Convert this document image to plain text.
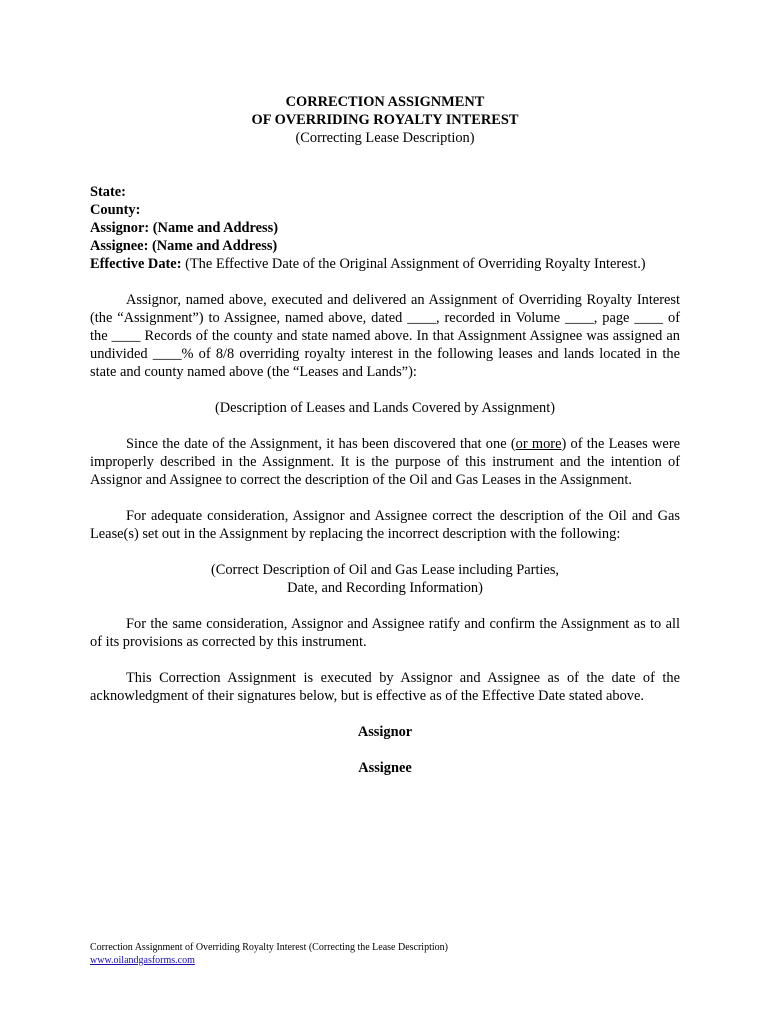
CORRECTION ASSIGNMENT
OF OVERRIDING ROYALTY INTEREST
(Correcting Lease Description)
State:
County:
Assignor: (Name and Address)
Assignee: (Name and Address)
Effective Date: (The Effective Date of the Original Assignment of Overriding Royalty Interest.)
Assignor, named above, executed and delivered an Assignment of Overriding Royalty Interest (the “Assignment”) to Assignee, named above, dated ____, recorded in Volume ____, page ____ of the ____ Records of the county and state named above. In that Assignment Assignee was assigned an undivided ____% of 8/8 overriding royalty interest in the following leases and lands located in the state and county named above (the “Leases and Lands”):
(Description of Leases and Lands Covered by Assignment)
Since the date of the Assignment, it has been discovered that one (or more) of the Leases were improperly described in the Assignment. It is the purpose of this instrument and the intention of Assignor and Assignee to correct the description of the Oil and Gas Leases in the Assignment.
For adequate consideration, Assignor and Assignee correct the description of the Oil and Gas Lease(s) set out in the Assignment by replacing the incorrect description with the following:
(Correct Description of Oil and Gas Lease including Parties,
Date, and Recording Information)
For the same consideration, Assignor and Assignee ratify and confirm the Assignment as to all of its provisions as corrected by this instrument.
This Correction Assignment is executed by Assignor and Assignee as of the date of the acknowledgment of their signatures below, but is effective as of the Effective Date stated above.
Assignor
Assignee
Correction Assignment of Overriding Royalty Interest (Correcting the Lease Description)
www.oilandgasforms.com
